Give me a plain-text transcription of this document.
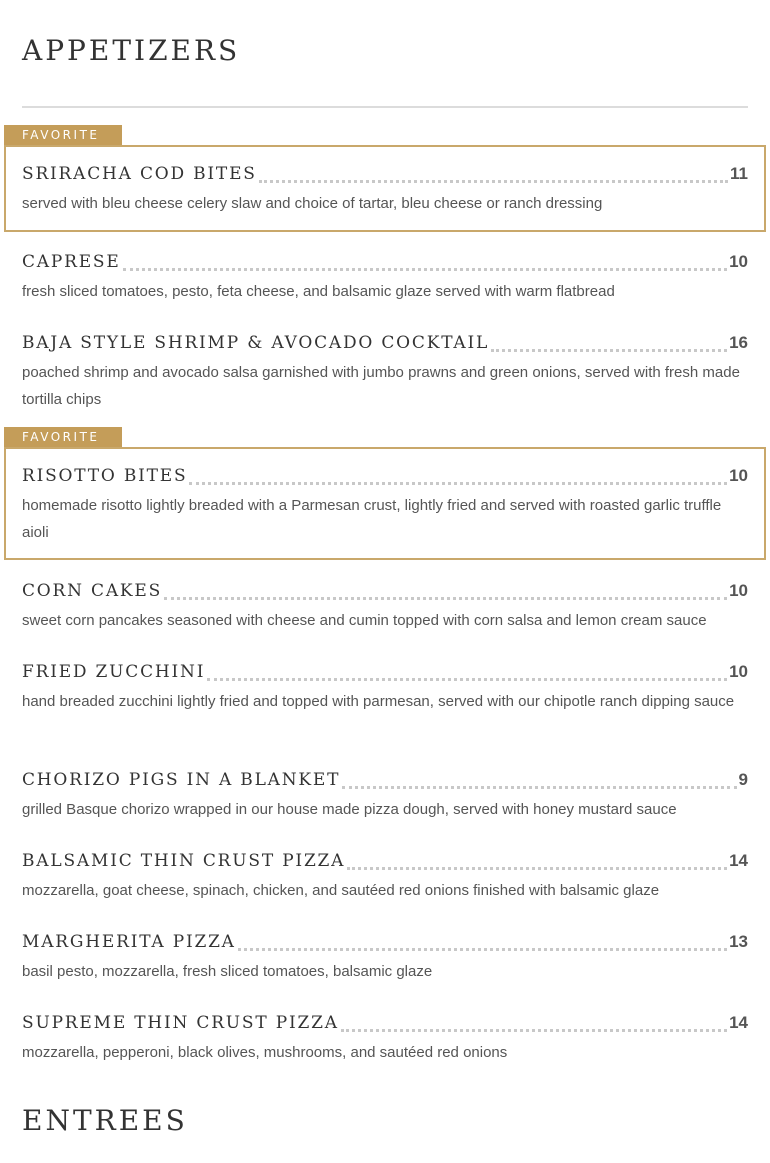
APPETIZERS
FAVORITE
SRIRACHA COD BITES	11

served with bleu cheese celery slaw and choice of tartar, bleu cheese or ranch dressing

CAPRESE	10

fresh sliced tomatoes, pesto, feta cheese, and balsamic glaze served with warm flatbread

BAJA STYLE SHRIMP & AVOCADO COCKTAIL	16

poached shrimp and avocado salsa garnished with jumbo prawns and green onions, served with fresh made tortilla chips

FAVORITE
RISOTTO BITES	10

homemade risotto lightly breaded with a Parmesan crust, lightly fried and served with roasted garlic truffle aioli

CORN CAKES	10

sweet corn pancakes seasoned with cheese and cumin topped with corn salsa and lemon cream sauce

FRIED ZUCCHINI	10

hand breaded zucchini lightly fried and topped with parmesan, served with our chipotle ranch dipping sauce

CHORIZO PIGS IN A BLANKET	9

grilled Basque chorizo wrapped in our house made pizza dough, served with honey mustard sauce

BALSAMIC THIN CRUST PIZZA	14

mozzarella, goat cheese, spinach, chicken, and sautéed red onions finished with balsamic glaze

MARGHERITA PIZZA	13

basil pesto, mozzarella, fresh sliced tomatoes, balsamic glaze

SUPREME THIN CRUST PIZZA	14

mozzarella, pepperoni, black olives, mushrooms, and sautéed red onions

ENTREES
